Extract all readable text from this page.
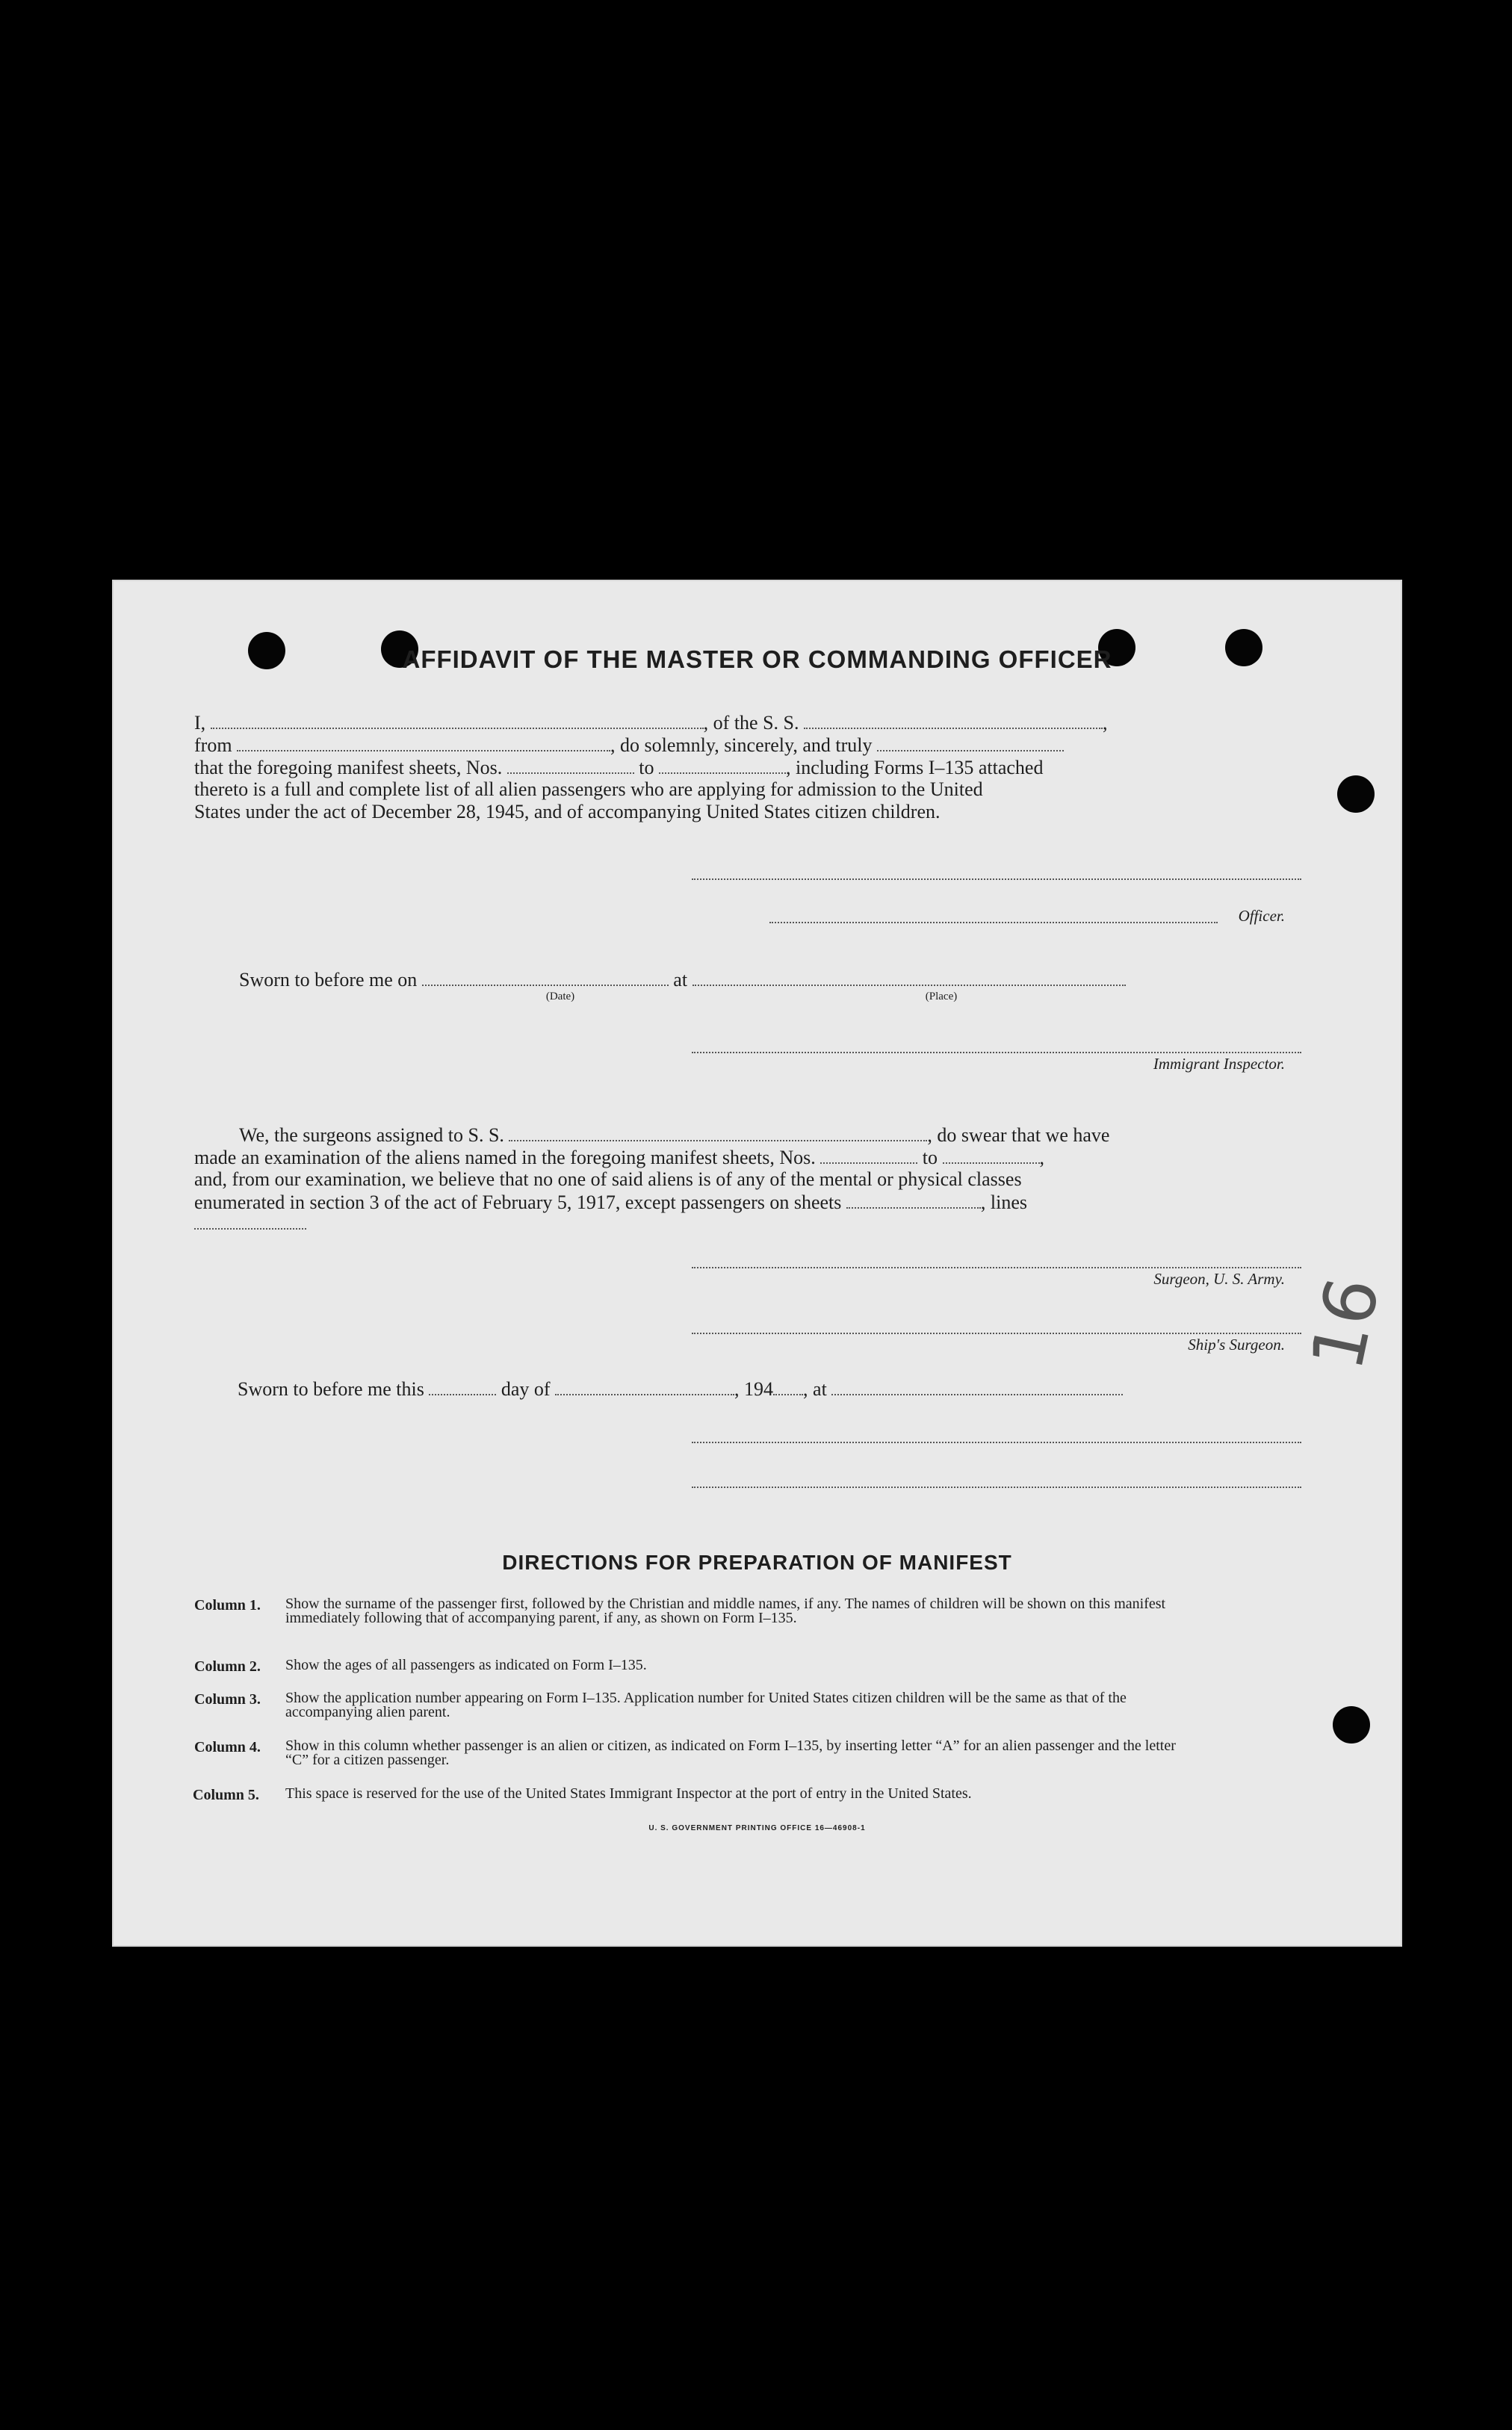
AFFIDAVIT OF THE MASTER OR COMMANDING OFFICER
I,	, of the S. S.	,
from	, do solemnly, sincerely, and truly
that the foregoing manifest sheets, Nos.	to	, including Forms I–135 attached
thereto is a full and complete list of all alien passengers who are applying for admission to the United
States under the act of December 28, 1945, and of accompanying United States citizen children.
Officer.
Sworn to before me on	at
(Date)	(Place)
Immigrant Inspector.
We, the surgeons assigned to S. S.	, do swear that we have
made an examination of the aliens named in the foregoing manifest sheets, Nos.	to	,
and, from our examination, we believe that no one of said aliens is of any of the mental or physical classes
enumerated in section 3 of the act of February 5, 1917, except passengers on sheets	, lines
Surgeon, U. S. Army.
Ship's Surgeon.
Sworn to before me this	day of	, 194 , at
DIRECTIONS FOR PREPARATION OF MANIFEST
Column 1.	Show the surname of the passenger first, followed by the Christian and middle names, if any. The names of children will be shown on this manifest immediately following that of accompanying parent, if any, as shown on Form I–135.
Column 2.	Show the ages of all passengers as indicated on Form I–135.
Column 3.	Show the application number appearing on Form I–135. Application number for United States citizen children will be the same as that of the accompanying alien parent.
Column 4.	Show in this column whether passenger is an alien or citizen, as indicated on Form I–135, by inserting letter “A” for an alien passenger and the letter “C” for a citizen passenger.
Column 5.	This space is reserved for the use of the United States Immigrant Inspector at the port of entry in the United States.
U. S. GOVERNMENT PRINTING OFFICE 16—46908-1
16
